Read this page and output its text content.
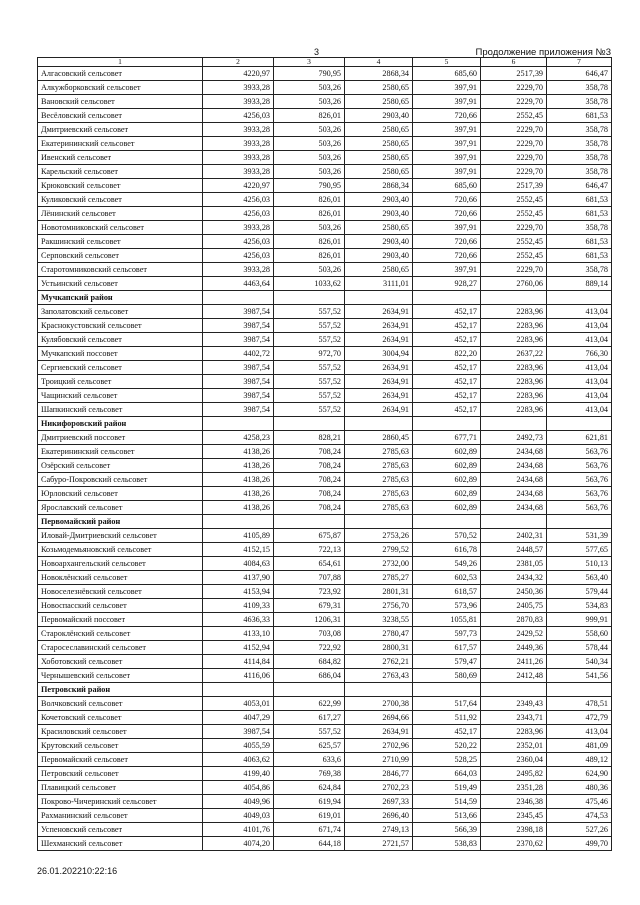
3	Продолжение приложения №3
1	2	3	4	5	6	7
Алгасовский сельсовет	4220,97	790,95	2868,34	685,60	2517,39	646,47
Алкужборковский сельсовет	3933,28	503,26	2580,65	397,91	2229,70	358,78
Вановский сельсовет	3933,28	503,26	2580,65	397,91	2229,70	358,78
Весёловский сельсовет	4256,03	826,01	2903,40	720,66	2552,45	681,53
Дмитриевский сельсовет	3933,28	503,26	2580,65	397,91	2229,70	358,78
Екатерининский сельсовет	3933,28	503,26	2580,65	397,91	2229,70	358,78
Ивенский сельсовет	3933,28	503,26	2580,65	397,91	2229,70	358,78
Карельский сельсовет	3933,28	503,26	2580,65	397,91	2229,70	358,78
Крюковский сельсовет	4220,97	790,95	2868,34	685,60	2517,39	646,47
Куликовский сельсовет	4256,03	826,01	2903,40	720,66	2552,45	681,53
Лёнинский сельсовет	4256,03	826,01	2903,40	720,66	2552,45	681,53
Новотомниковский сельсовет	3933,28	503,26	2580,65	397,91	2229,70	358,78
Ракшинский сельсовет	4256,03	826,01	2903,40	720,66	2552,45	681,53
Серповский сельсовет	4256,03	826,01	2903,40	720,66	2552,45	681,53
Старотомниковский сельсовет	3933,28	503,26	2580,65	397,91	2229,70	358,78
Устьинский сельсовет	4463,64	1033,62	3111,01	928,27	2760,06	889,14
Мучкапский район						
Заполатовский сельсовет	3987,54	557,52	2634,91	452,17	2283,96	413,04
Краснокустовский сельсовет	3987,54	557,52	2634,91	452,17	2283,96	413,04
Кулябовский сельсовет	3987,54	557,52	2634,91	452,17	2283,96	413,04
Мучкапский поссовет	4402,72	972,70	3004,94	822,20	2637,22	766,30
Сергиевский сельсовет	3987,54	557,52	2634,91	452,17	2283,96	413,04
Троицкий сельсовет	3987,54	557,52	2634,91	452,17	2283,96	413,04
Чащинский сельсовет	3987,54	557,52	2634,91	452,17	2283,96	413,04
Шапкинский сельсовет	3987,54	557,52	2634,91	452,17	2283,96	413,04
Никифоровский район						
Дмитриевский поссовет	4258,23	828,21	2860,45	677,71	2492,73	621,81
Екатерининский сельсовет	4138,26	708,24	2785,63	602,89	2434,68	563,76
Озёрский сельсовет	4138,26	708,24	2785,63	602,89	2434,68	563,76
Сабуро-Покровский сельсовет	4138,26	708,24	2785,63	602,89	2434,68	563,76
Юрловский сельсовет	4138,26	708,24	2785,63	602,89	2434,68	563,76
Ярославский сельсовет	4138,26	708,24	2785,63	602,89	2434,68	563,76
Первомайский район						
Иловай-Дмитриевский сельсовет	4105,89	675,87	2753,26	570,52	2402,31	531,39
Козьмодемьяновский сельсовет	4152,15	722,13	2799,52	616,78	2448,57	577,65
Новоархангельский сельсовет	4084,63	654,61	2732,00	549,26	2381,05	510,13
Новоклёнский сельсовет	4137,90	707,88	2785,27	602,53	2434,32	563,40
Новоселезнёвский сельсовет	4153,94	723,92	2801,31	618,57	2450,36	579,44
Новоспасский сельсовет	4109,33	679,31	2756,70	573,96	2405,75	534,83
Первомайский поссовет	4636,33	1206,31	3238,55	1055,81	2870,83	999,91
Староклёнский сельсовет	4133,10	703,08	2780,47	597,73	2429,52	558,60
Старосеславинский сельсовет	4152,94	722,92	2800,31	617,57	2449,36	578,44
Хоботовский сельсовет	4114,84	684,82	2762,21	579,47	2411,26	540,34
Чернышевский сельсовет	4116,06	686,04	2763,43	580,69	2412,48	541,56
Петровский район						
Волчковский сельсовет	4053,01	622,99	2700,38	517,64	2349,43	478,51
Кочетовский сельсовет	4047,29	617,27	2694,66	511,92	2343,71	472,79
Красиловский сельсовет	3987,54	557,52	2634,91	452,17	2283,96	413,04
Крутовский сельсовет	4055,59	625,57	2702,96	520,22	2352,01	481,09
Первомайский сельсовет	4063,62	633,6	2710,99	528,25	2360,04	489,12
Петровский сельсовет	4199,40	769,38	2846,77	664,03	2495,82	624,90
Плавицкий сельсовет	4054,86	624,84	2702,23	519,49	2351,28	480,36
Покрово-Чичеринский сельсовет	4049,96	619,94	2697,33	514,59	2346,38	475,46
Рахманинский сельсовет	4049,03	619,01	2696,40	513,66	2345,45	474,53
Успеновский сельсовет	4101,76	671,74	2749,13	566,39	2398,18	527,26
Шехманский сельсовет	4074,20	644,18	2721,57	538,83	2370,62	499,70
26.01.202210:22:16
